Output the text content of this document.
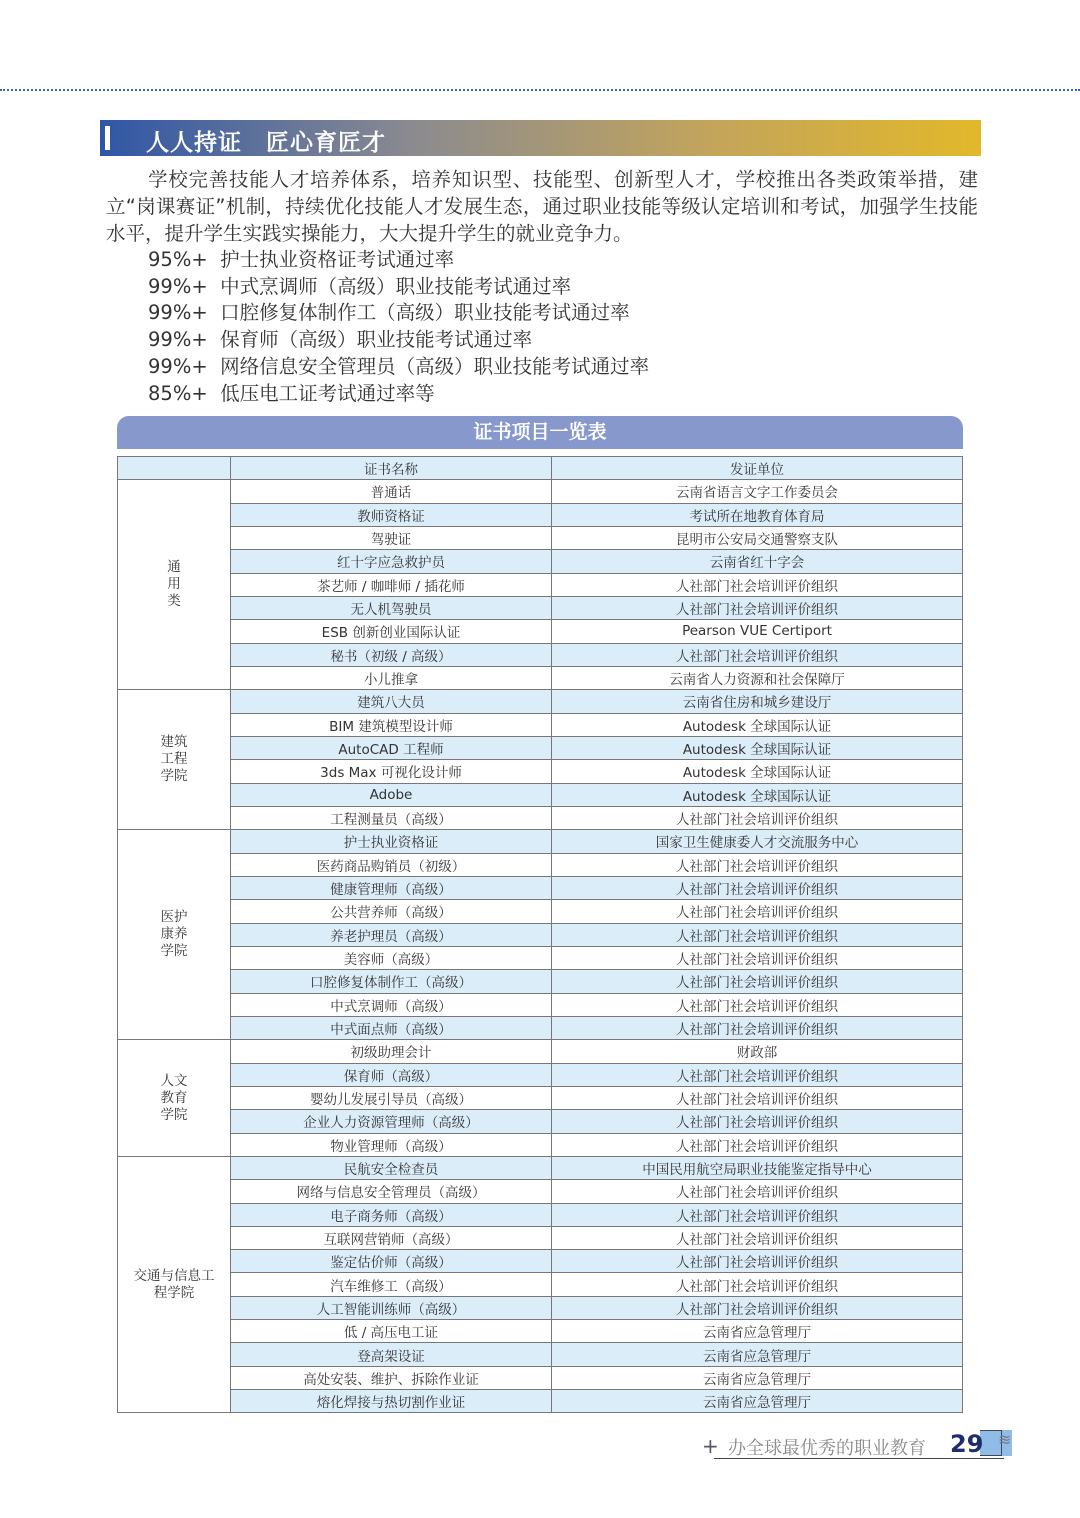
人人持证　匠心育匠才

学校完善技能人才培养体系，培养知识型、技能型、创新型人才，学校推出各类政策举措，建立“岗课赛证”机制，持续优化技能人才发展生态，通过职业技能等级认定培训和考试，加强学生技能水平，提升学生实践实操能力，大大提升学生的就业竞争力。

95%+  护士执业资格证考试通过率
99%+  中式烹调师（高级）职业技能考试通过率
99%+  口腔修复体制作工（高级）职业技能考试通过率
99%+  保育师（高级）职业技能考试通过率
99%+  网络信息安全管理员（高级）职业技能考试通过率
85%+  低压电工证考试通过率等
证书项目一览表
	证书名称	发证单位
通
用
类	普通话	云南省语言文字工作委员会
	教师资格证	考试所在地教育体育局
	驾驶证	昆明市公安局交通警察支队
	红十字应急救护员	云南省红十字会
	茶艺师 / 咖啡师 / 插花师	人社部门社会培训评价组织
	无人机驾驶员	人社部门社会培训评价组织
	ESB 创新创业国际认证	Pearson VUE Certiport
	秘书（初级 / 高级）	人社部门社会培训评价组织
	小儿推拿	云南省人力资源和社会保障厅
建筑
工程
学院	建筑八大员	云南省住房和城乡建设厅
	BIM 建筑模型设计师	Autodesk 全球国际认证
	AutoCAD 工程师	Autodesk 全球国际认证
	3ds Max 可视化设计师	Autodesk 全球国际认证
	Adobe	Autodesk 全球国际认证
	工程测量员（高级）	人社部门社会培训评价组织
医护
康养
学院	护士执业资格证	国家卫生健康委人才交流服务中心
	医药商品购销员（初级）	人社部门社会培训评价组织
	健康管理师（高级）	人社部门社会培训评价组织
	公共营养师（高级）	人社部门社会培训评价组织
	养老护理员（高级）	人社部门社会培训评价组织
	美容师（高级）	人社部门社会培训评价组织
	口腔修复体制作工（高级）	人社部门社会培训评价组织
	中式烹调师（高级）	人社部门社会培训评价组织
	中式面点师（高级）	人社部门社会培训评价组织
人文
教育
学院	初级助理会计	财政部
	保育师（高级）	人社部门社会培训评价组织
	婴幼儿发展引导员（高级）	人社部门社会培训评价组织
	企业人力资源管理师（高级）	人社部门社会培训评价组织
	物业管理师（高级）	人社部门社会培训评价组织
交通与信息工
程学院	民航安全检查员	中国民用航空局职业技能鉴定指导中心
	网络与信息安全管理员（高级）	人社部门社会培训评价组织
	电子商务师（高级）	人社部门社会培训评价组织
	互联网营销师（高级）	人社部门社会培训评价组织
	鉴定估价师（高级）	人社部门社会培训评价组织
	汽车维修工（高级）	人社部门社会培训评价组织
	人工智能训练师（高级）	人社部门社会培训评价组织
	低 / 高压电工证	云南省应急管理厅
	登高架设证	云南省应急管理厅
	高处安装、维护、拆除作业证	云南省应急管理厅
	熔化焊接与热切割作业证	云南省应急管理厅
+ 办全球最优秀的职业教育 29 ≋
